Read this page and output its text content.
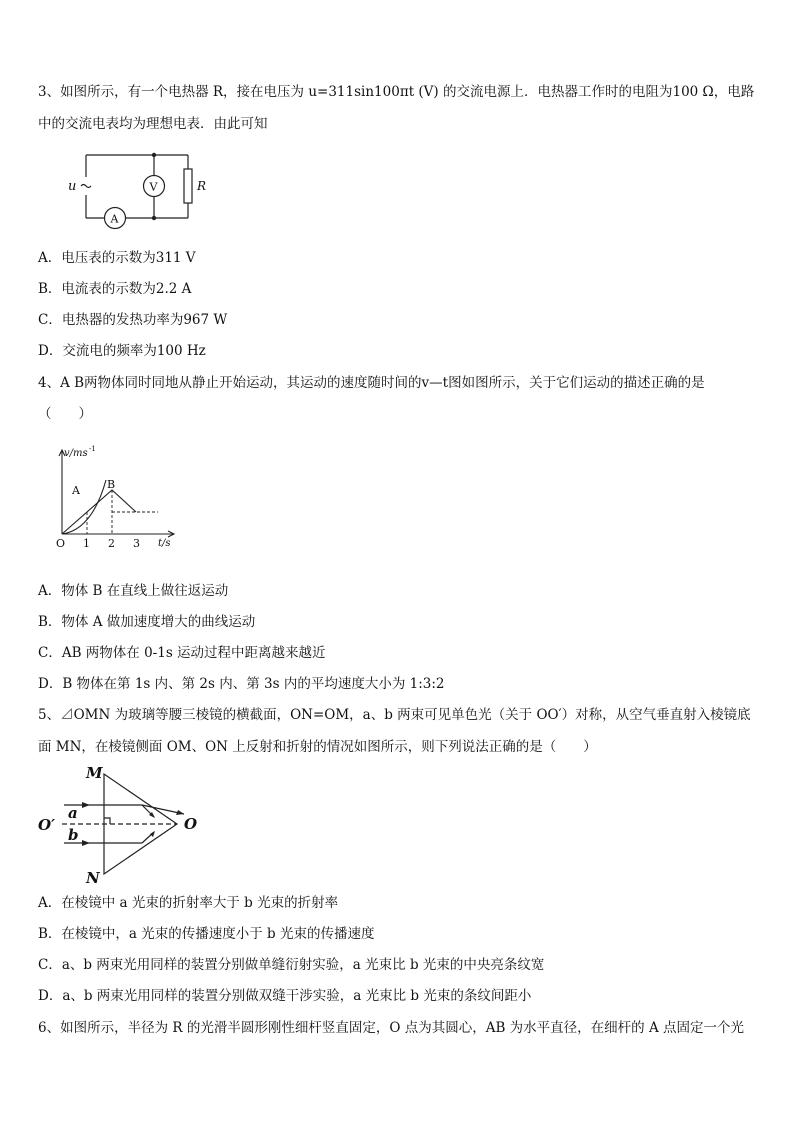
3、如图所示，有一个电热器 R，接在电压为 u=311sin100πt (V) 的交流电源上．电热器工作时的电阻为100 Ω，电路
中的交流电表均为理想电表．由此可知
u	V
A
R
A．电压表的示数为311 V
B．电流表的示数为2.2 A
C．电热器的发热功率为967 W
D．交流电的频率为100 Hz
4、A B两物体同时同地从静止开始运动，其运动的速度随时间的v—t图如图所示，关于它们运动的描述正确的是
（　　）
v/ms -1
A B
O 1 2 3 t/s
A．物体 B 在直线上做往返运动
B．物体 A 做加速度增大的曲线运动
C．AB 两物体在 0-1s 运动过程中距离越来越近
D．B 物体在第 1s 内、第 2s 内、第 3s 内的平均速度大小为 1:3:2
5、⊿OMN 为玻璃等腰三棱镜的横截面，ON=OM，a、b 两束可见单色光（关于 OO′）对称，从空气垂直射入棱镜底
面 MN，在棱镜侧面 OM、ON 上反射和折射的情况如图所示，则下列说法正确的是（　　）
M
N
O
O′
a
b
A．在棱镜中 a 光束的折射率大于 b 光束的折射率
B．在棱镜中，a 光束的传播速度小于 b 光束的传播速度
C．a、b 两束光用同样的装置分别做单缝衍射实验，a 光束比 b 光束的中央亮条纹宽
D．a、b 两束光用同样的装置分别做双缝干涉实验，a 光束比 b 光束的条纹间距小
6、如图所示，半径为 R 的光滑半圆形刚性细杆竖直固定，O 点为其圆心，AB 为水平直径，在细杆的 A 点固定一个光
